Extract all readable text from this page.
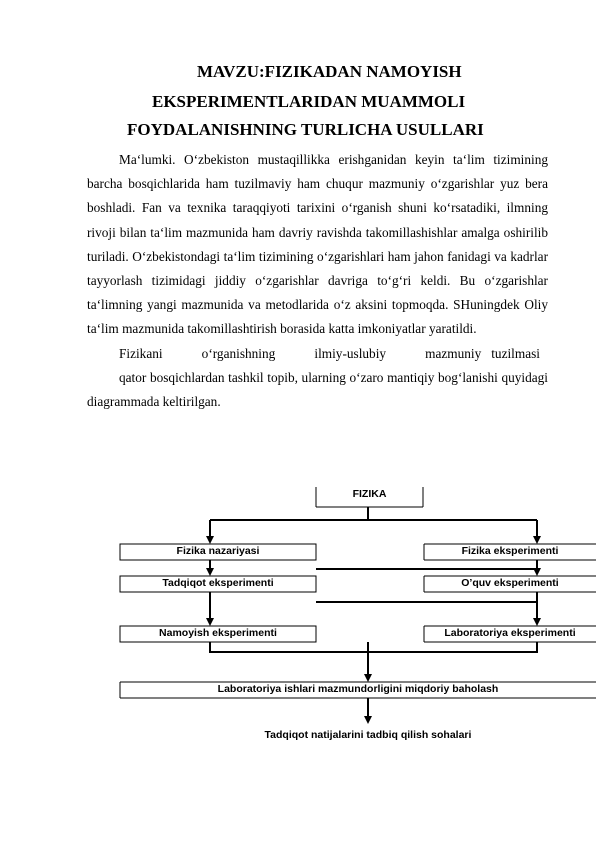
MAVZU:FIZIKADAN NAMOYISH
EKSPERIMENTLARIDAN MUAMMOLI
FOYDALANISHNING TURLICHA USULLARI

Ma‘lumki. O‘zbekiston mustaqillikka erishganidan keyin ta‘lim tizimining barcha bosqichlarida ham tuzilmaviy ham chuqur mazmuniy o‘zgarishlar yuz bera boshladi. Fan va texnika taraqqiyoti tarixini o‘rganish shuni ko‘rsatadiki, ilmning rivoji bilan ta‘lim mazmunida ham davriy ravishda takomillashishlar amalga oshirilib turiladi. O‘zbekistondagi ta‘lim tizimining o‘zgarishlari ham jahon fanidagi va kadrlar tayyorlash tizimidagi jiddiy o‘zgarishlar davriga to‘g‘ri keldi. Bu o‘zgarishlar ta‘limning yangi mazmunida va metodlarida o‘z aksini topmoqda. SHuningdek Oliy ta‘lim mazmunida takomillashtirish borasida katta imkoniyatlar yaratildi.

Fizikani	o‘rganishning	ilmiy-uslubiy	mazmuniy   tuzilmasi

qator bosqichlardan tashkil topib, ularning o‘zaro mantiqiy bog‘lanishi quyidagi diagrammada keltirilgan.

FIZIKA
Fizika nazariyasi	Fizika eksperimenti
Tadqiqot eksperimenti	O’quv eksperimenti
Namoyish eksperimenti	Laboratoriya eksperimenti
Laboratoriya ishlari mazmundorligini miqdoriy baholash
Tadqiqot natijalarini tadbiq qilish sohalari
